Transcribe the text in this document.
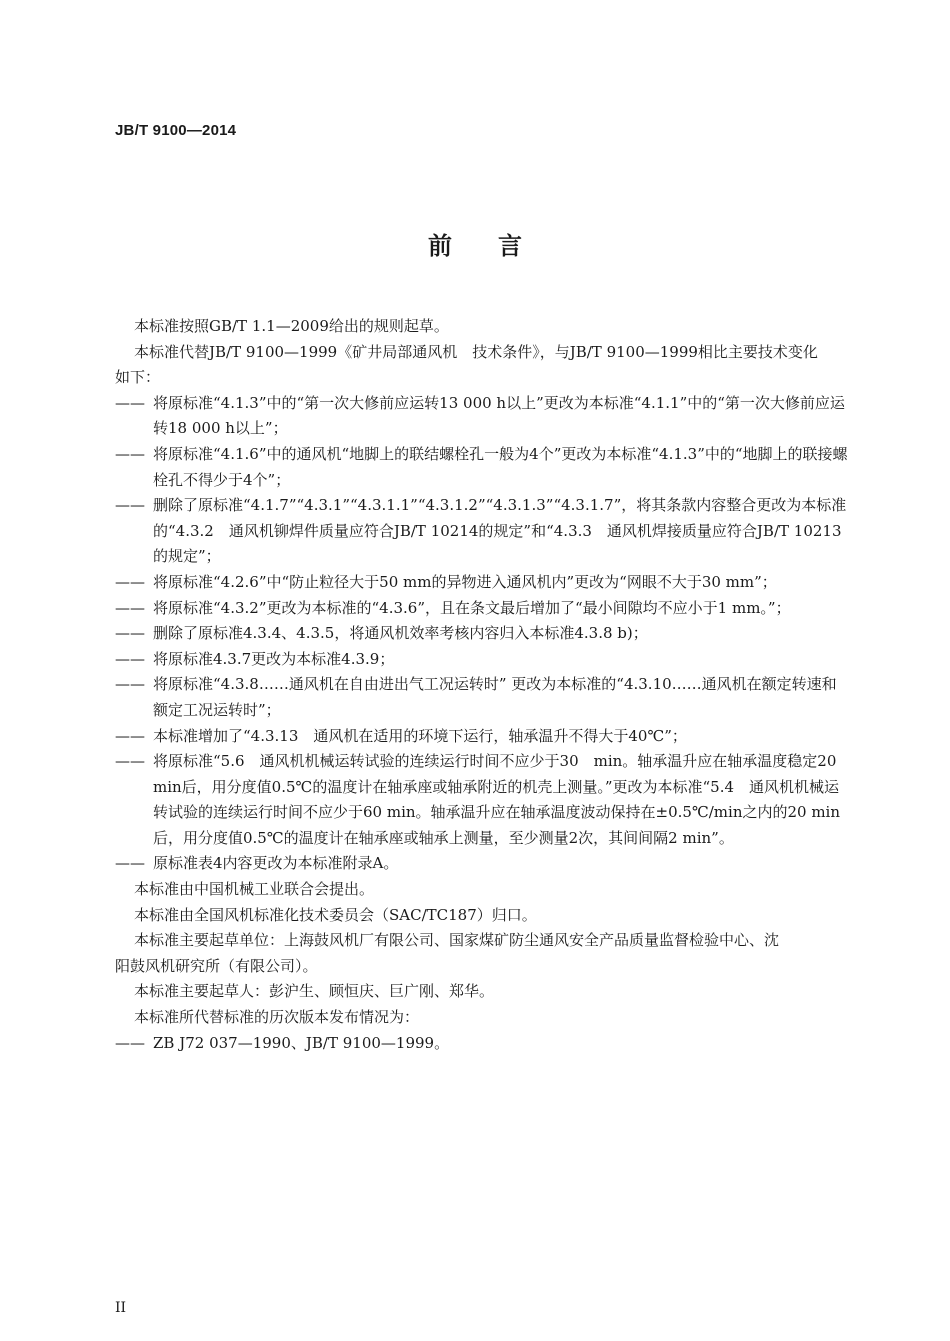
JB/T 9100—2014
前 言
本标准按照GB/T 1.1—2009给出的规则起草。
本标准代替JB/T 9100—1999《矿井局部通风机　技术条件》，与JB/T 9100—1999相比主要技术变化
如下：
—— 将原标准“4.1.3”中的“第一次大修前应运转13 000 h以上”更改为本标准“4.1.1”中的“第一次大修前应运转18 000 h以上”；
—— 将原标准“4.1.6”中的通风机“地脚上的联结螺栓孔一般为4个”更改为本标准“4.1.3”中的“地脚上的联接螺栓孔不得少于4个”；
—— 删除了原标准“4.1.7”“4.3.1”“4.3.1.1”“4.3.1.2”“4.3.1.3”“4.3.1.7”，将其条款内容整合更改为本标准的“4.3.2　通风机铆焊件质量应符合JB/T 10214的规定”和“4.3.3　通风机焊接质量应符合JB/T 10213的规定”；
—— 将原标准“4.2.6”中“防止粒径大于50 mm的异物进入通风机内”更改为“网眼不大于30 mm”；
—— 将原标准“4.3.2”更改为本标准的“4.3.6”，且在条文最后增加了“最小间隙均不应小于1 mm。”；
—— 删除了原标准4.3.4、4.3.5，将通风机效率考核内容归入本标准4.3.8 b)；
—— 将原标准4.3.7更改为本标准4.3.9；
—— 将原标准“4.3.8……通风机在自由进出气工况运转时” 更改为本标准的“4.3.10……通风机在额定转速和额定工况运转时”；
—— 本标准增加了“4.3.13　通风机在适用的环境下运行，轴承温升不得大于40℃”；
—— 将原标准“5.6　通风机机械运转试验的连续运行时间不应少于30　min。轴承温升应在轴承温度稳定20 min后，用分度值0.5℃的温度计在轴承座或轴承附近的机壳上测量。”更改为本标准“5.4　通风机机械运转试验的连续运行时间不应少于60 min。轴承温升应在轴承温度波动保持在±0.5℃/min之内的20 min后，用分度值0.5℃的温度计在轴承座或轴承上测量，至少测量2次，其间间隔2 min”。
—— 原标准表4内容更改为本标准附录A。
本标准由中国机械工业联合会提出。
本标准由全国风机标准化技术委员会（SAC/TC187）归口。
本标准主要起草单位：上海鼓风机厂有限公司、国家煤矿防尘通风安全产品质量监督检验中心、沈
阳鼓风机研究所（有限公司）。
本标准主要起草人：彭沪生、顾恒庆、巨广刚、郑华。
本标准所代替标准的历次版本发布情况为：
—— ZB J72 037—1990、JB/T 9100—1999。
II
